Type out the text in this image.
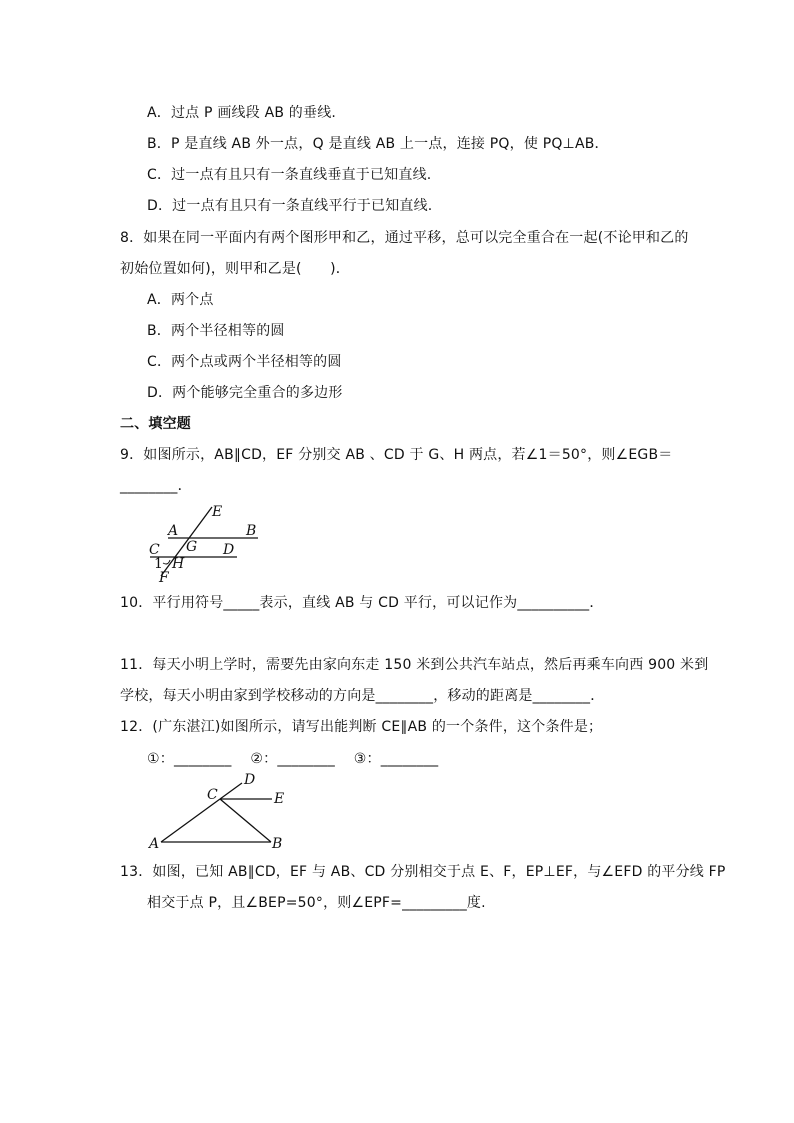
A．过点 P 画线段 AB 的垂线.
B．P 是直线 AB 外一点，Q 是直线 AB 上一点，连接 PQ，使 PQ⊥AB．
C．过一点有且只有一条直线垂直于已知直线.
D．过一点有且只有一条直线平行于已知直线.
8．如果在同一平面内有两个图形甲和乙，通过平移，总可以完全重合在一起(不论甲和乙的
初始位置如何)，则甲和乙是(　　)．
A．两个点
B．两个半径相等的圆
C．两个点或两个半径相等的圆
D．两个能够完全重合的多边形
二、填空题
9．如图所示，AB∥CD，EF 分别交 AB 、CD 于 G、H 两点，若∠1＝50°，则∠EGB＝
________．
E
A	B
G
C	D
1 H
F
10．平行用符号_____表示，直线 AB 与 CD 平行，可以记作为__________．
11．每天小明上学时，需要先由家向东走 150 米到公共汽车站点，然后再乘车向西 900 米到
学校，每天小明由家到学校移动的方向是________，移动的距离是________．
12．(广东湛江)如图所示，请写出能判断 CE∥AB 的一个条件，这个条件是；
①：________　 ②：________　 ③：________
D
C	E
A	B
13．如图，已知 AB∥CD，EF 与 AB、CD 分别相交于点 E、F，EP⊥EF，与∠EFD 的平分线 FP
相交于点 P，且∠BEP=50°，则∠EPF=_________度.
